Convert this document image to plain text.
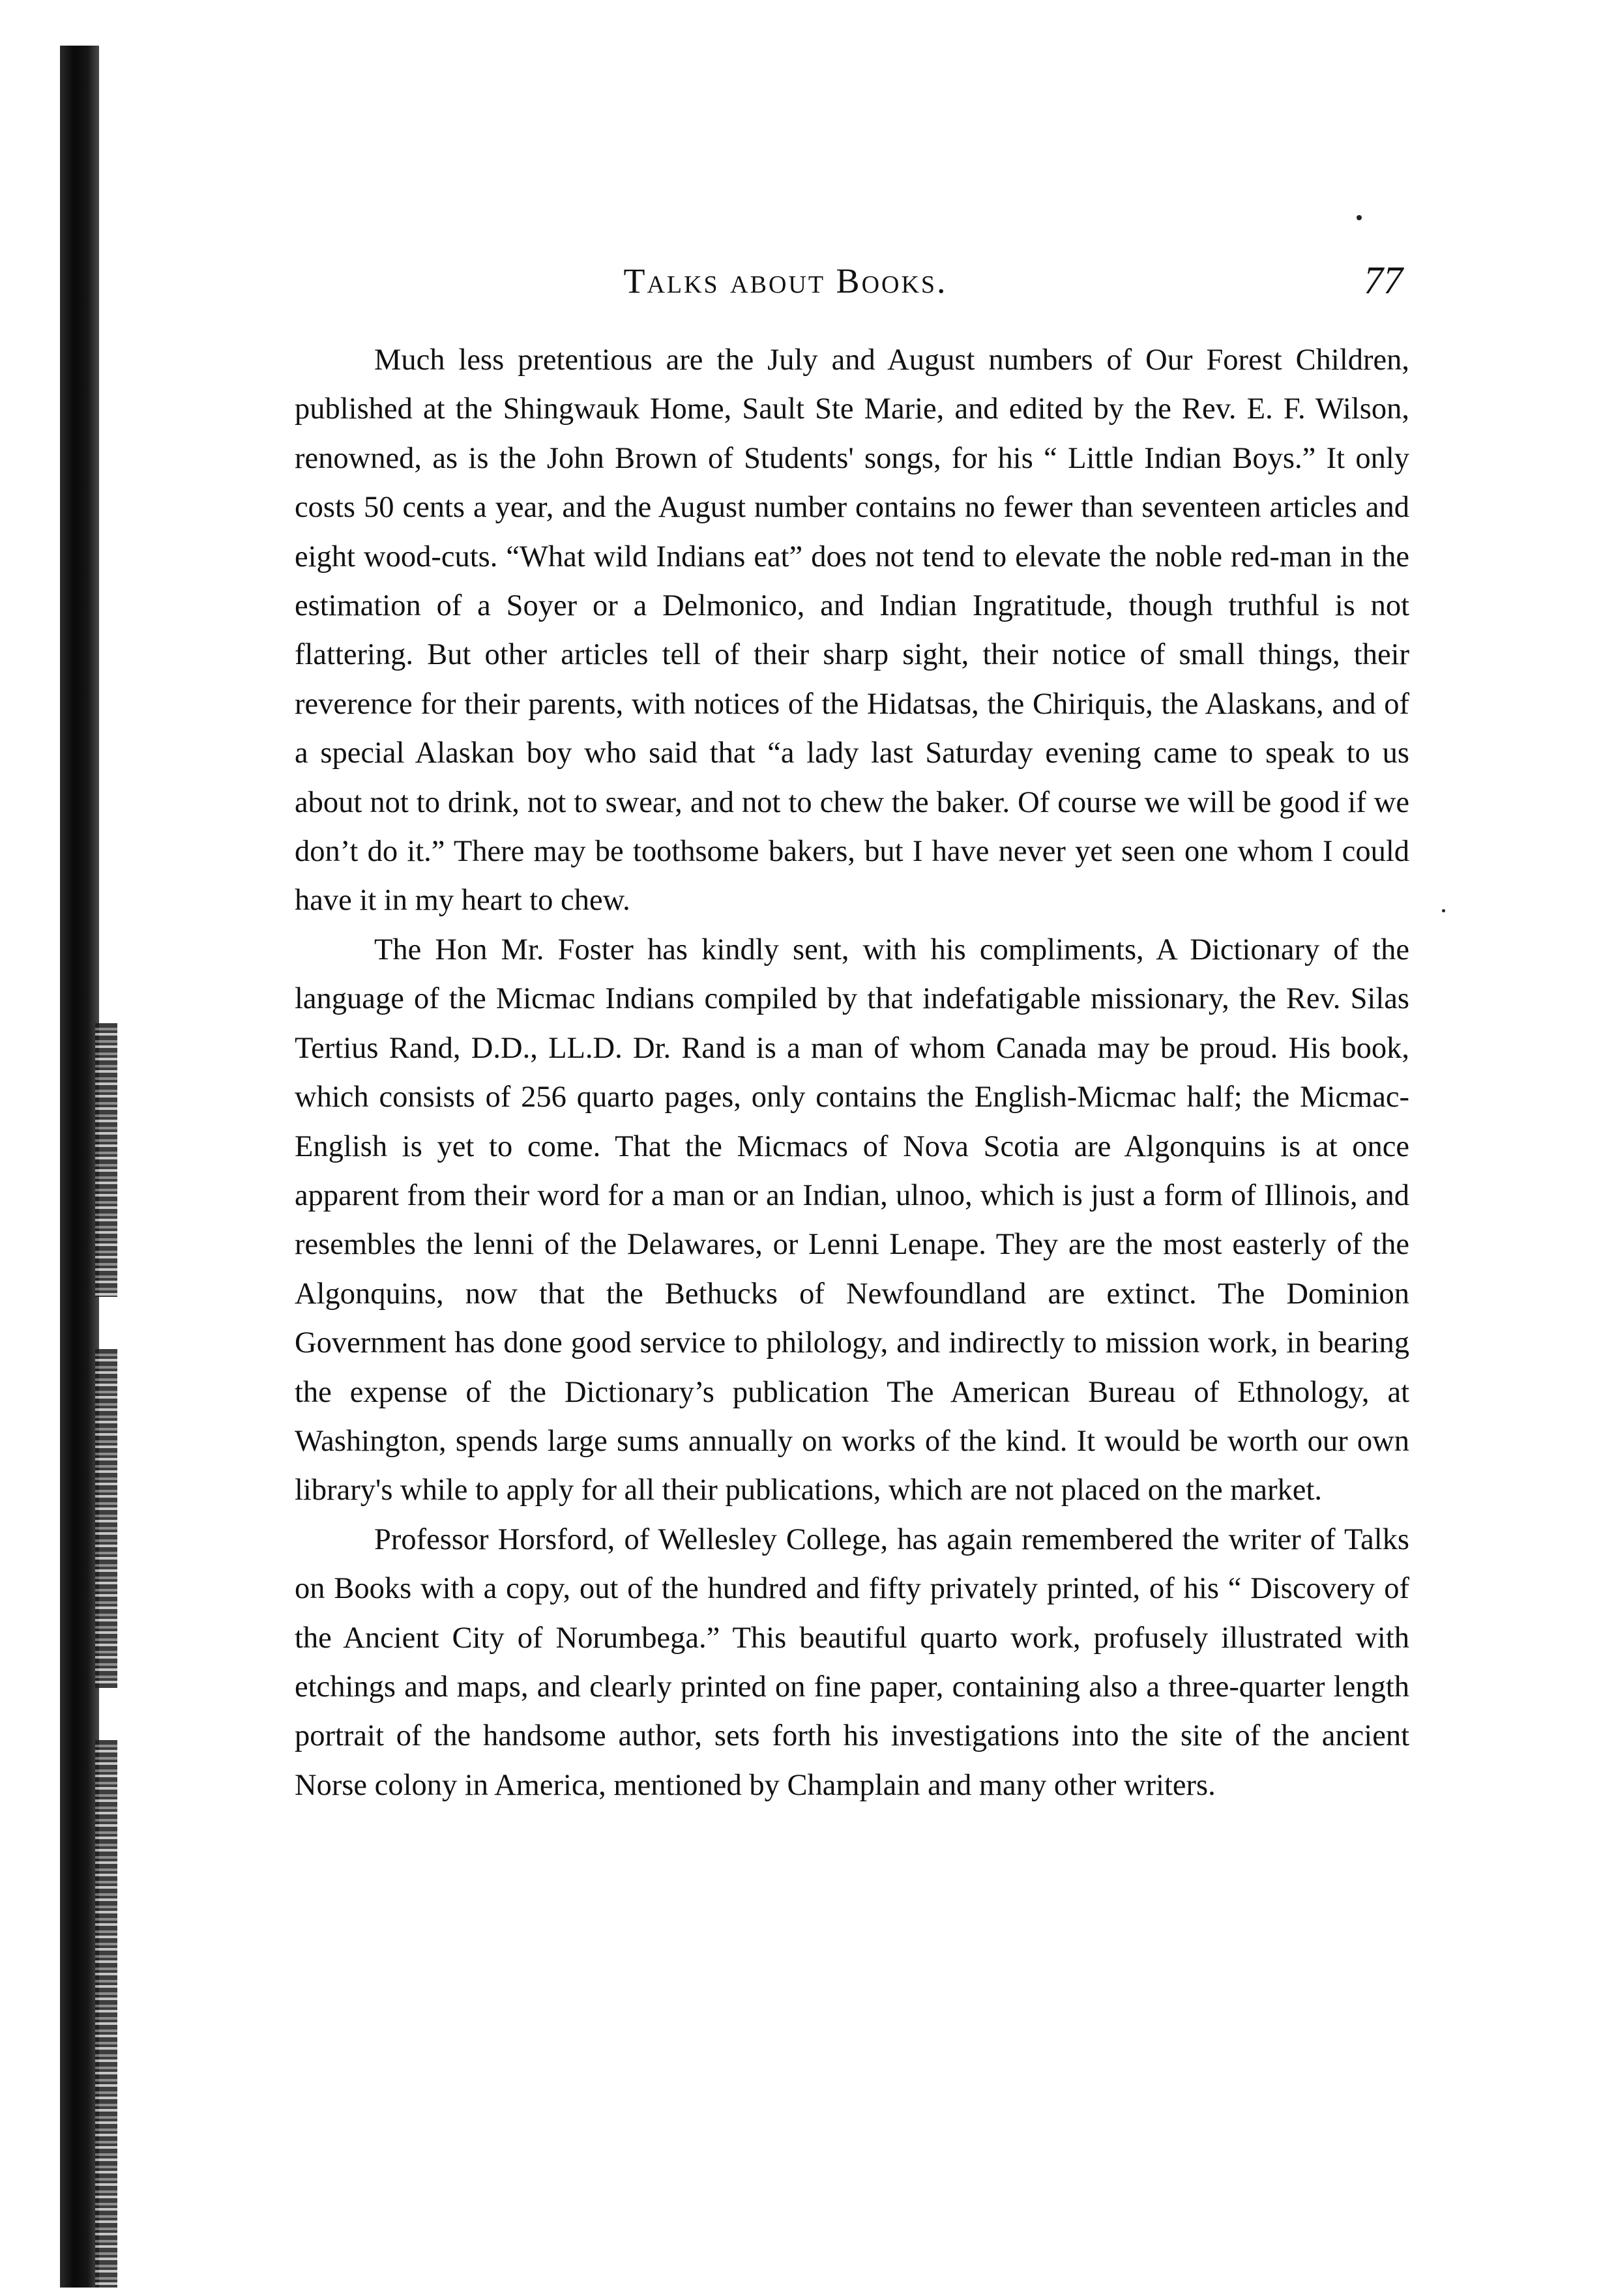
Talks about Books.	77

Much less pretentious are the July and August numbers of Our Forest Children, published at the Shingwauk Home, Sault Ste Marie, and edited by the Rev. E. F. Wilson, renowned, as is the John Brown of Students' songs, for his “ Little Indian Boys.” It only costs 50 cents a year, and the August number contains no fewer than seventeen articles and eight wood-cuts. “What wild Indians eat” does not tend to elevate the noble red-man in the estimation of a Soyer or a Delmonico, and Indian Ingratitude, though truthful is not flattering. But other articles tell of their sharp sight, their notice of small things, their reverence for their parents, with notices of the Hidatsas, the Chiriquis, the Alaskans, and of a special Alaskan boy who said that “a lady last Saturday evening came to speak to us about not to drink, not to swear, and not to chew the baker. Of course we will be good if we don’t do it.” There may be toothsome bakers, but I have never yet seen one whom I could have it in my heart to chew.

The Hon Mr. Foster has kindly sent, with his compliments, A Dictionary of the language of the Micmac Indians compiled by that indefatigable missionary, the Rev. Silas Tertius Rand, D.D., LL.D. Dr. Rand is a man of whom Canada may be proud. His book, which consists of 256 quarto pages, only contains the English-Micmac half; the Micmac-English is yet to come. That the Micmacs of Nova Scotia are Algonquins is at once apparent from their word for a man or an Indian, ulnoo, which is just a form of Illinois, and resembles the lenni of the Delawares, or Lenni Lenape. They are the most easterly of the Algonquins, now that the Bethucks of Newfoundland are extinct. The Dominion Government has done good service to philology, and indirectly to mission work, in bearing the expense of the Dictionary’s publication The American Bureau of Ethnology, at Washington, spends large sums annually on works of the kind. It would be worth our own library's while to apply for all their publications, which are not placed on the market.

Professor Horsford, of Wellesley College, has again remembered the writer of Talks on Books with a copy, out of the hundred and fifty privately printed, of his “ Discovery of the Ancient City of Norumbega.” This beautiful quarto work, profusely illustrated with etchings and maps, and clearly printed on fine paper, containing also a three-quarter length portrait of the handsome author, sets forth his investigations into the site of the ancient Norse colony in America, mentioned by Champlain and many other writers.
